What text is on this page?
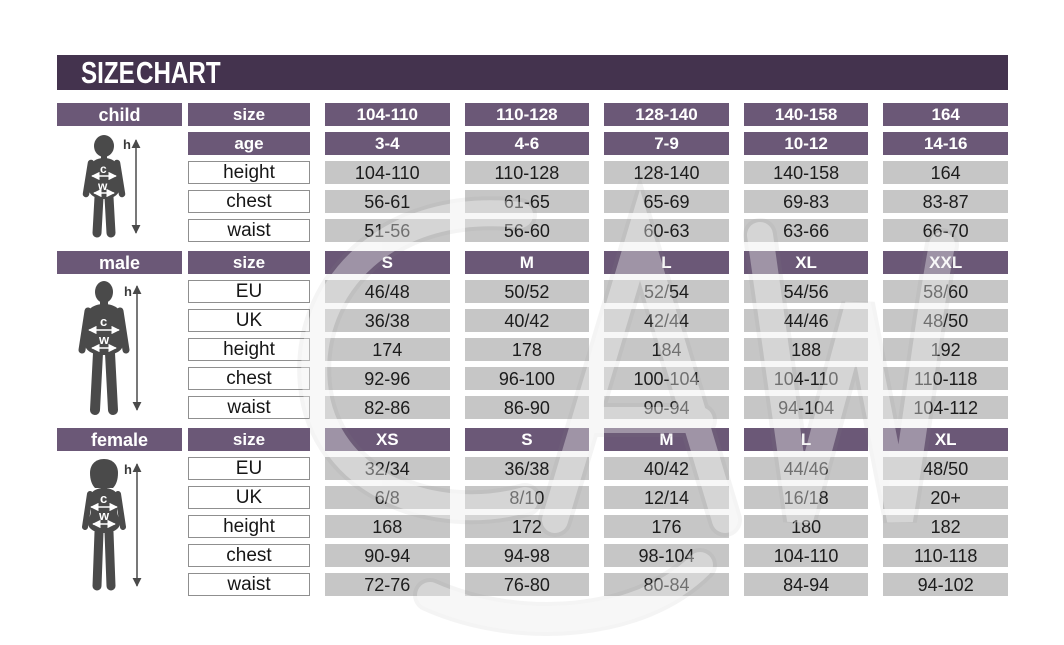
SIZE CHART
child
h
c
w
size	104-110	110-128	128-140	140-158	164
age	3-4	4-6	7-9	10-12	14-16
height	104-110	110-128	128-140	140-158	164
chest	56-61	61-65	65-69	69-83	83-87
waist	51-56	56-60	60-63	63-66	66-70
male
h
c
w
size	S	M	L	XL	XXL
EU	46/48	50/52	52/54	54/56	58/60
UK	36/38	40/42	42/44	44/46	48/50
height	174	178	184	188	192
chest	92-96	96-100	100-104	104-110	110-118
waist	82-86	86-90	90-94	94-104	104-112
female
h
c
w
size	XS	S	M	L	XL
EU	32/34	36/38	40/42	44/46	48/50
UK	6/8	8/10	12/14	16/18	20+
height	168	172	176	180	182
chest	90-94	94-98	98-104	104-110	110-118
waist	72-76	76-80	80-84	84-94	94-102
